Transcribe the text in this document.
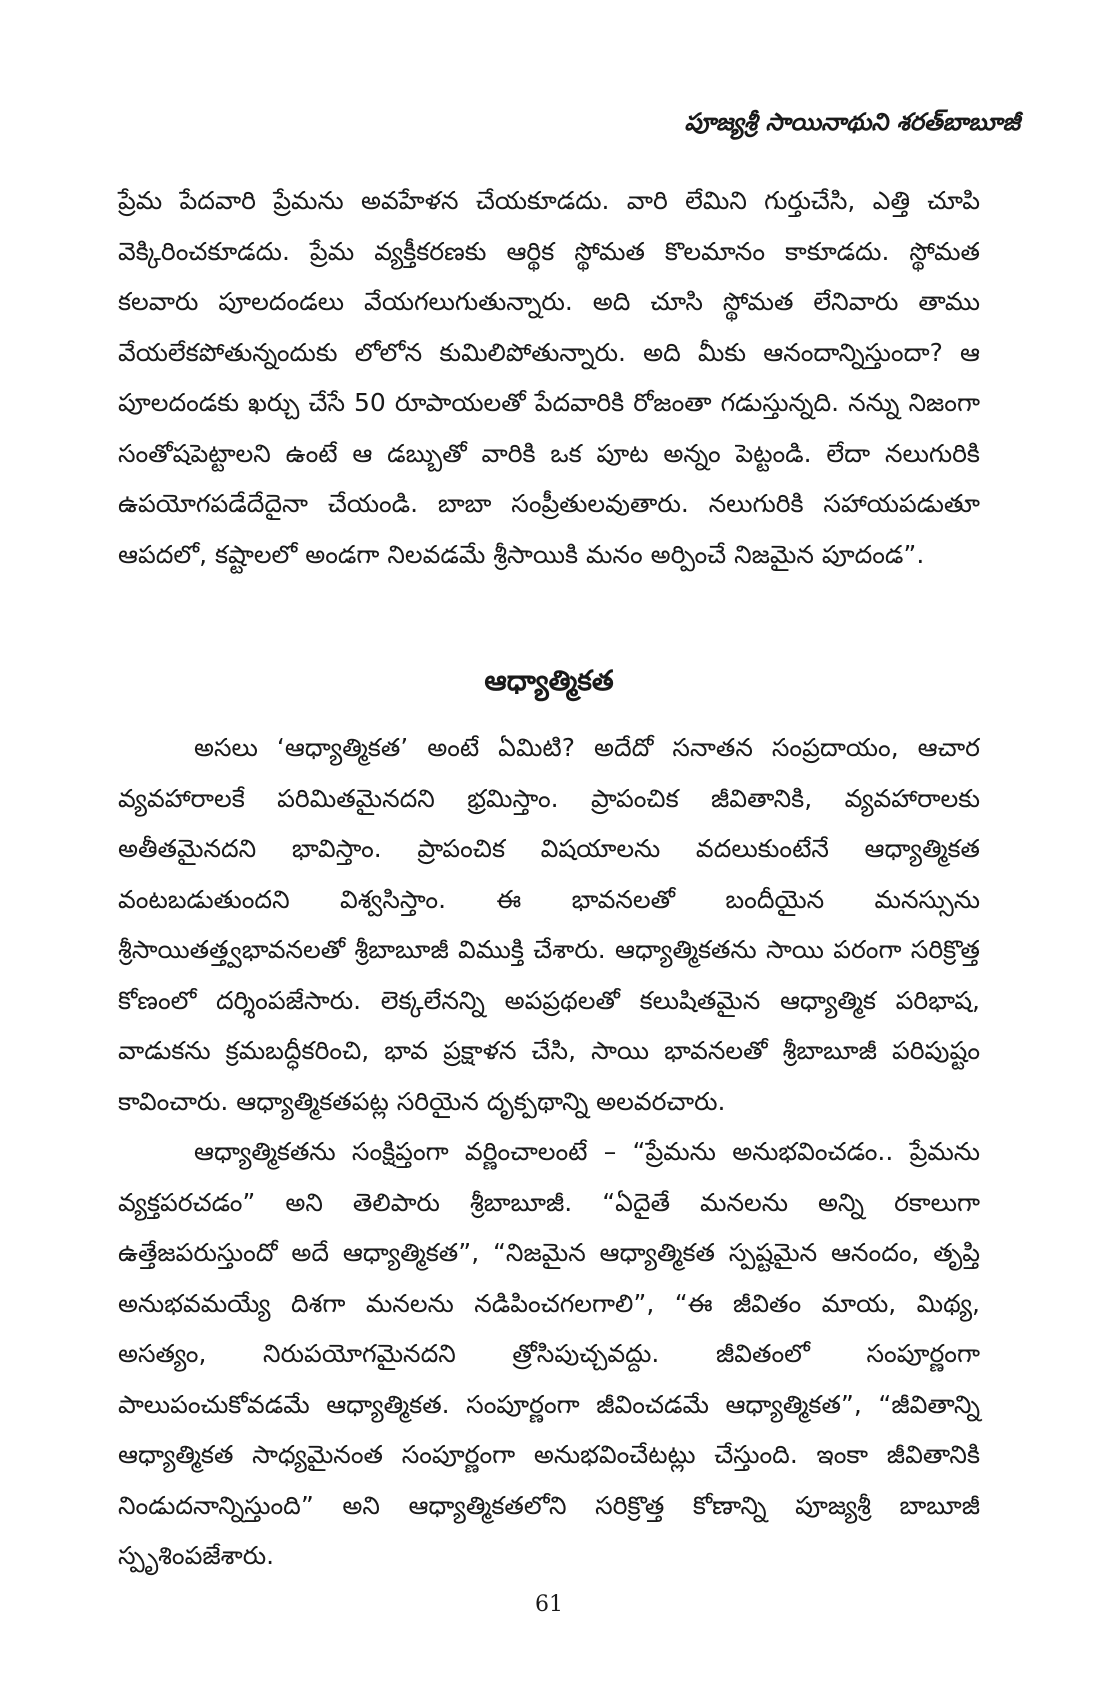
పూజ్యశ్రీ సాయినాథుని శరత్‌బాబూజీ

ప్రేమ పేదవారి ప్రేమను అవహేళన చేయకూడదు. వారి లేమిని గుర్తుచేసి, ఎత్తి చూపి వెక్కిరించకూడదు. ప్రేమ వ్యక్తీకరణకు ఆర్థిక స్థోమత కొలమానం కాకూడదు. స్థోమత కలవారు పూలదండలు వేయగలుగుతున్నారు. అది చూసి స్థోమత లేనివారు తాము వేయలేకపోతున్నందుకు లోలోన కుమిలిపోతున్నారు. అది మీకు ఆనందాన్నిస్తుందా? ఆ పూలదండకు ఖర్చు చేసే 50 రూపాయలతో పేదవారికి రోజంతా గడుస్తున్నది. నన్ను నిజంగా సంతోషపెట్టాలని ఉంటే ఆ డబ్బుతో వారికి ఒక పూట అన్నం పెట్టండి. లేదా నలుగురికి ఉపయోగపడేదేదైనా చేయండి. బాబా సంప్రీతులవుతారు. నలుగురికి సహాయపడుతూ ఆపదలో, కష్టాలలో అండగా నిలవడమే శ్రీసాయికి మనం అర్పించే నిజమైన పూదండ”.

ఆధ్యాత్మికత

అసలు ‘ఆధ్యాత్మికత’ అంటే ఏమిటి? అదేదో సనాతన సంప్రదాయం, ఆచార వ్యవహారాలకే పరిమితమైనదని భ్రమిస్తాం. ప్రాపంచిక జీవితానికి, వ్యవహారాలకు అతీతమైనదని భావిస్తాం. ప్రాపంచిక విషయాలను వదలుకుంటేనే ఆధ్యాత్మికత వంటబడుతుందని విశ్వసిస్తాం. ఈ భావనలతో బందీయైన మనస్సును శ్రీసాయితత్త్వభావనలతో శ్రీబాబూజీ విముక్తి చేశారు. ఆధ్యాత్మికతను సాయి పరంగా సరిక్రొత్త కోణంలో దర్శింపజేసారు. లెక్కలేనన్ని అపప్రథలతో కలుషితమైన ఆధ్యాత్మిక పరిభాష, వాడుకను క్రమబద్ధీకరించి, భావ ప్రక్షాళన చేసి, సాయి భావనలతో శ్రీబాబూజీ పరిపుష్టం కావించారు. ఆధ్యాత్మికతపట్ల సరియైన దృక్పథాన్ని అలవరచారు.

ఆధ్యాత్మికతను సంక్షిప్తంగా వర్ణించాలంటే – “ప్రేమను అనుభవించడం.. ప్రేమను వ్యక్తపరచడం” అని తెలిపారు శ్రీబాబూజీ. “ఏదైతే మనలను అన్ని రకాలుగా ఉత్తేజపరుస్తుందో అదే ఆధ్యాత్మికత”, “నిజమైన ఆధ్యాత్మికత స్పష్టమైన ఆనందం, తృప్తి అనుభవమయ్యే దిశగా మనలను నడిపించగలగాలి”, “ఈ జీవితం మాయ, మిథ్య, అసత్యం, నిరుపయోగమైనదని త్రోసిపుచ్చవద్దు. జీవితంలో సంపూర్ణంగా పాలుపంచుకోవడమే ఆధ్యాత్మికత. సంపూర్ణంగా జీవించడమే ఆధ్యాత్మికత”, “జీవితాన్ని ఆధ్యాత్మికత సాధ్యమైనంత సంపూర్ణంగా అనుభవించేటట్లు చేస్తుంది. ఇంకా జీవితానికి నిండుదనాన్నిస్తుంది” అని ఆధ్యాత్మికతలోని సరిక్రొత్త కోణాన్ని పూజ్యశ్రీ బాబూజీ స్పృశింపజేశారు.

61
